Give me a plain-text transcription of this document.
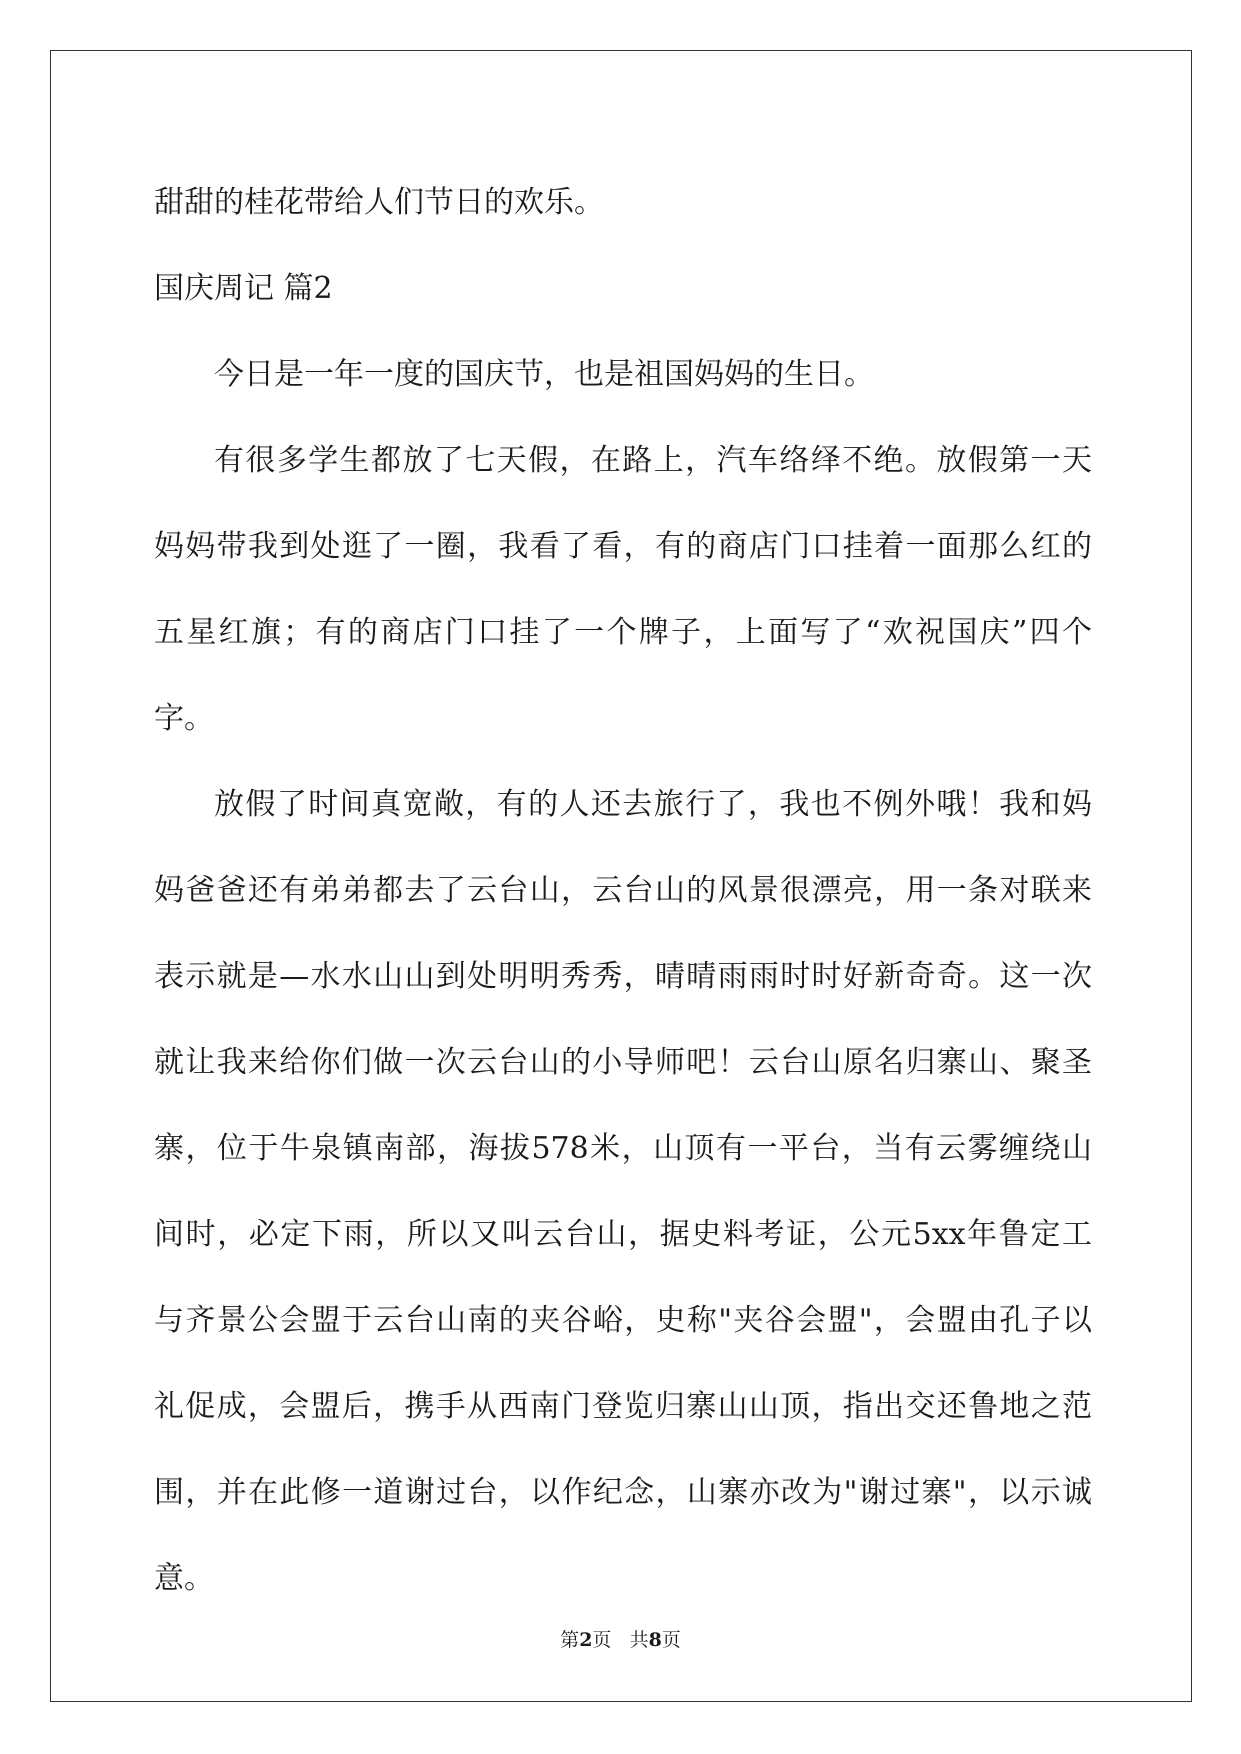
甜甜的桂花带给人们节日的欢乐。
国庆周记 篇2
今日是一年一度的国庆节，也是祖国妈妈的生日。
有很多学生都放了七天假，在路上，汽车络绎不绝。放假第一天
妈妈带我到处逛了一圈，我看了看，有的商店门口挂着一面那么红的
五星红旗；有的商店门口挂了一个牌子，上面写了“欢祝国庆”四个
字。
放假了时间真宽敞，有的人还去旅行了，我也不例外哦！我和妈
妈爸爸还有弟弟都去了云台山，云台山的风景很漂亮，用一条对联来
表示就是—水水山山到处明明秀秀，晴晴雨雨时时好新奇奇。这一次
就让我来给你们做一次云台山的小导师吧！云台山原名归寨山、聚圣
寨，位于牛泉镇南部，海拔578米，山顶有一平台，当有云雾缠绕山
间时，必定下雨，所以又叫云台山，据史料考证，公元5xx年鲁定工
与齐景公会盟于云台山南的夹谷峪，史称"夹谷会盟"，会盟由孔子以
礼促成，会盟后，携手从西南门登览归寨山山顶，指出交还鲁地之范
围，并在此修一道谢过台，以作纪念，山寨亦改为"谢过寨"，以示诚
意。
第2页 共8页
